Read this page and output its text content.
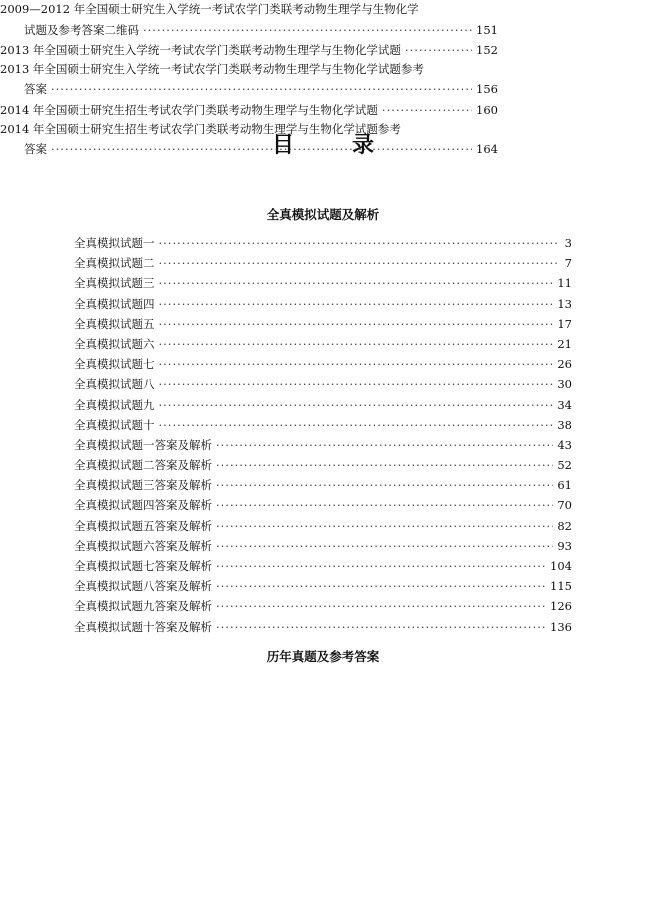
目	录
全真模拟试题及解析
全真模拟试题一 ·····	3
全真模拟试题二 ·····	7
全真模拟试题三 ·····	11
全真模拟试题四 ·····	13
全真模拟试题五 ·····	17
全真模拟试题六 ·····	21
全真模拟试题七 ·····	26
全真模拟试题八 ·····	30
全真模拟试题九 ·····	34
全真模拟试题十 ·····	38
全真模拟试题一答案及解析 ·····	43
全真模拟试题二答案及解析 ·····	52
全真模拟试题三答案及解析 ·····	61
全真模拟试题四答案及解析 ·····	70
全真模拟试题五答案及解析 ·····	82
全真模拟试题六答案及解析 ·····	93
全真模拟试题七答案及解析 ·····	104
全真模拟试题八答案及解析 ·····	115
全真模拟试题九答案及解析 ·····	126
全真模拟试题十答案及解析 ·····	136
历年真题及参考答案
2009—2012 年全国硕士研究生入学统一考试农学门类联考动物生理学与生物化学
试题及参考答案二维码 ·····	151
2013 年全国硕士研究生入学统一考试农学门类联考动物生理学与生物化学试题 ·····	152
2013 年全国硕士研究生入学统一考试农学门类联考动物生理学与生物化学试题参考
答案 ·····	156
2014 年全国硕士研究生招生考试农学门类联考动物生理学与生物化学试题 ·····	160
2014 年全国硕士研究生招生考试农学门类联考动物生理学与生物化学试题参考
答案 ·····	164
